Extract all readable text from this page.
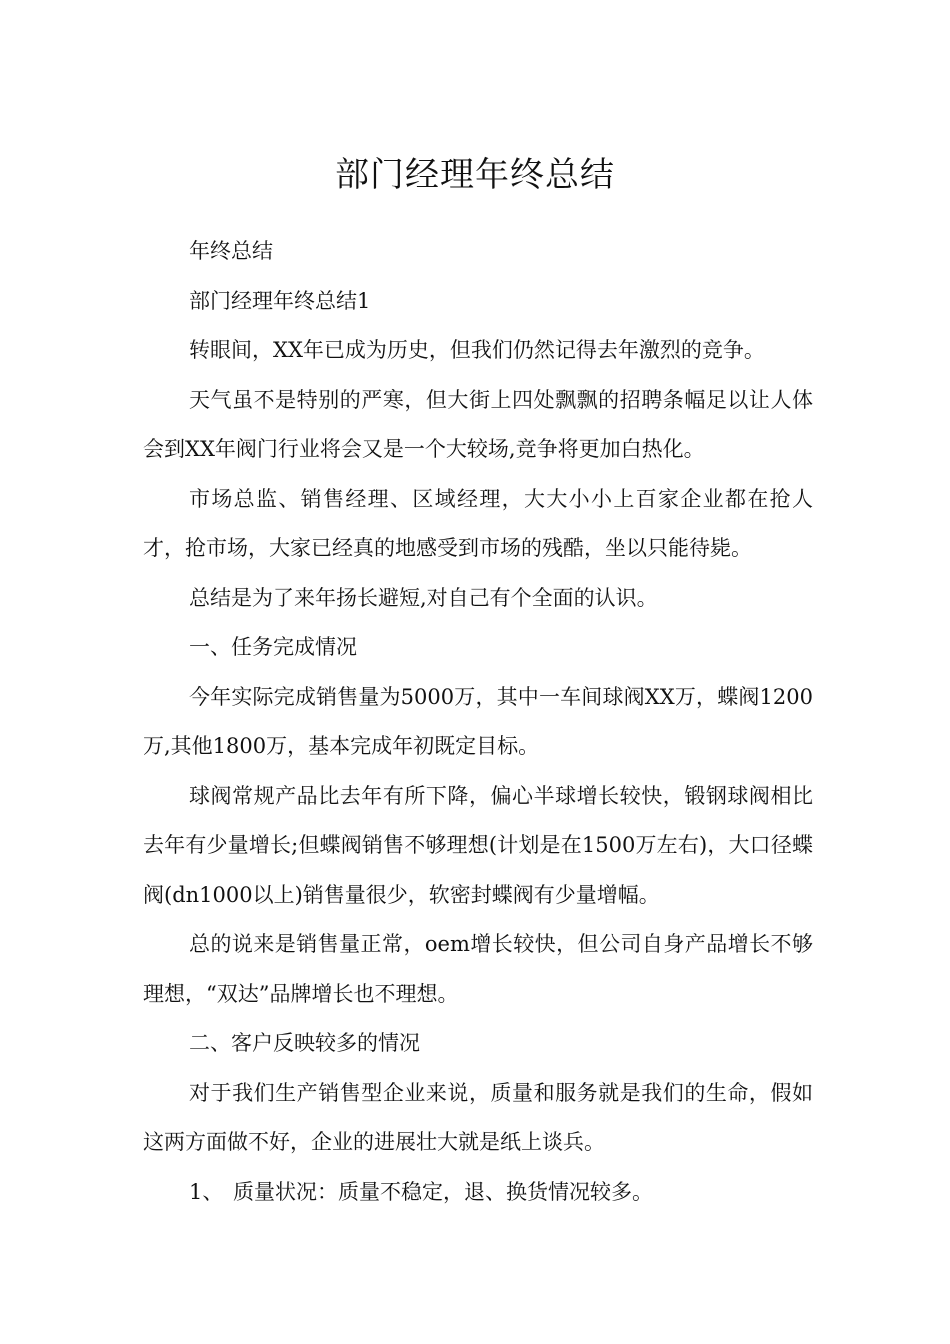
部门经理年终总结

年终总结

部门经理年终总结1

转眼间，XX年已成为历史，但我们仍然记得去年激烈的竞争。

天气虽不是特别的严寒，但大街上四处飘飘的招聘条幅足以让人体会到XX年阀门行业将会又是一个大较场,竞争将更加白热化。

市场总监、销售经理、区域经理，大大小小上百家企业都在抢人才，抢市场，大家已经真的地感受到市场的残酷，坐以只能待毙。

总结是为了来年扬长避短,对自己有个全面的认识。

一、任务完成情况

今年实际完成销售量为5000万，其中一车间球阀XX万，蝶阀1200万,其他1800万，基本完成年初既定目标。

球阀常规产品比去年有所下降，偏心半球增长较快，锻钢球阀相比去年有少量增长;但蝶阀销售不够理想(计划是在1500万左右)，大口径蝶阀(dn1000以上)销售量很少，软密封蝶阀有少量增幅。

总的说来是销售量正常，oem增长较快，但公司自身产品增长不够理想，“双达”品牌增长也不理想。

二、客户反映较多的情况

对于我们生产销售型企业来说，质量和服务就是我们的生命，假如这两方面做不好，企业的进展壮大就是纸上谈兵。

1、 质量状况：质量不稳定，退、换货情况较多。
